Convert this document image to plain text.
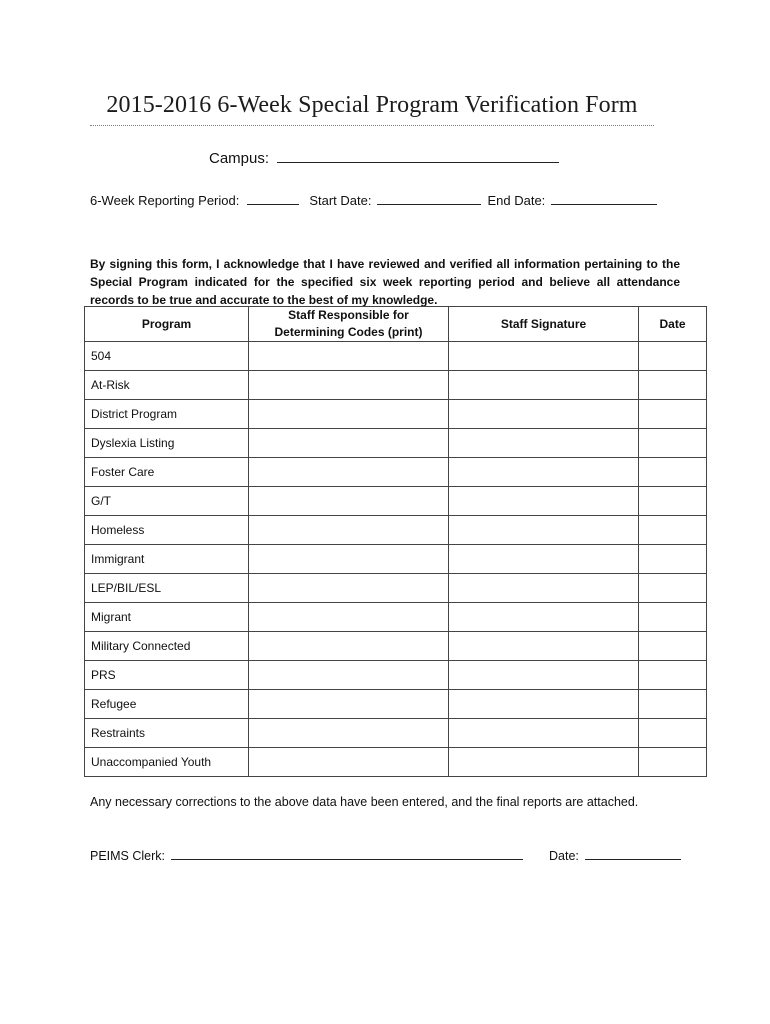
2015-2016 6-Week Special Program Verification Form
Campus:
6-Week Reporting Period:	Start Date:	End Date:
By signing this form, I acknowledge that I have reviewed and verified all information pertaining to the Special Program indicated for the specified six week reporting period and believe all attendance records to be true and accurate to the best of my knowledge.
Program	Staff Responsible for Determining Codes (print)	Staff Signature	Date
504			
At-Risk			
District Program			
Dyslexia Listing			
Foster Care			
G/T			
Homeless			
Immigrant			
LEP/BIL/ESL			
Migrant			
Military Connected			
PRS			
Refugee			
Restraints			
Unaccompanied Youth			
Any necessary corrections to the above data have been entered, and the final reports are attached.
PEIMS Clerk:	Date:
